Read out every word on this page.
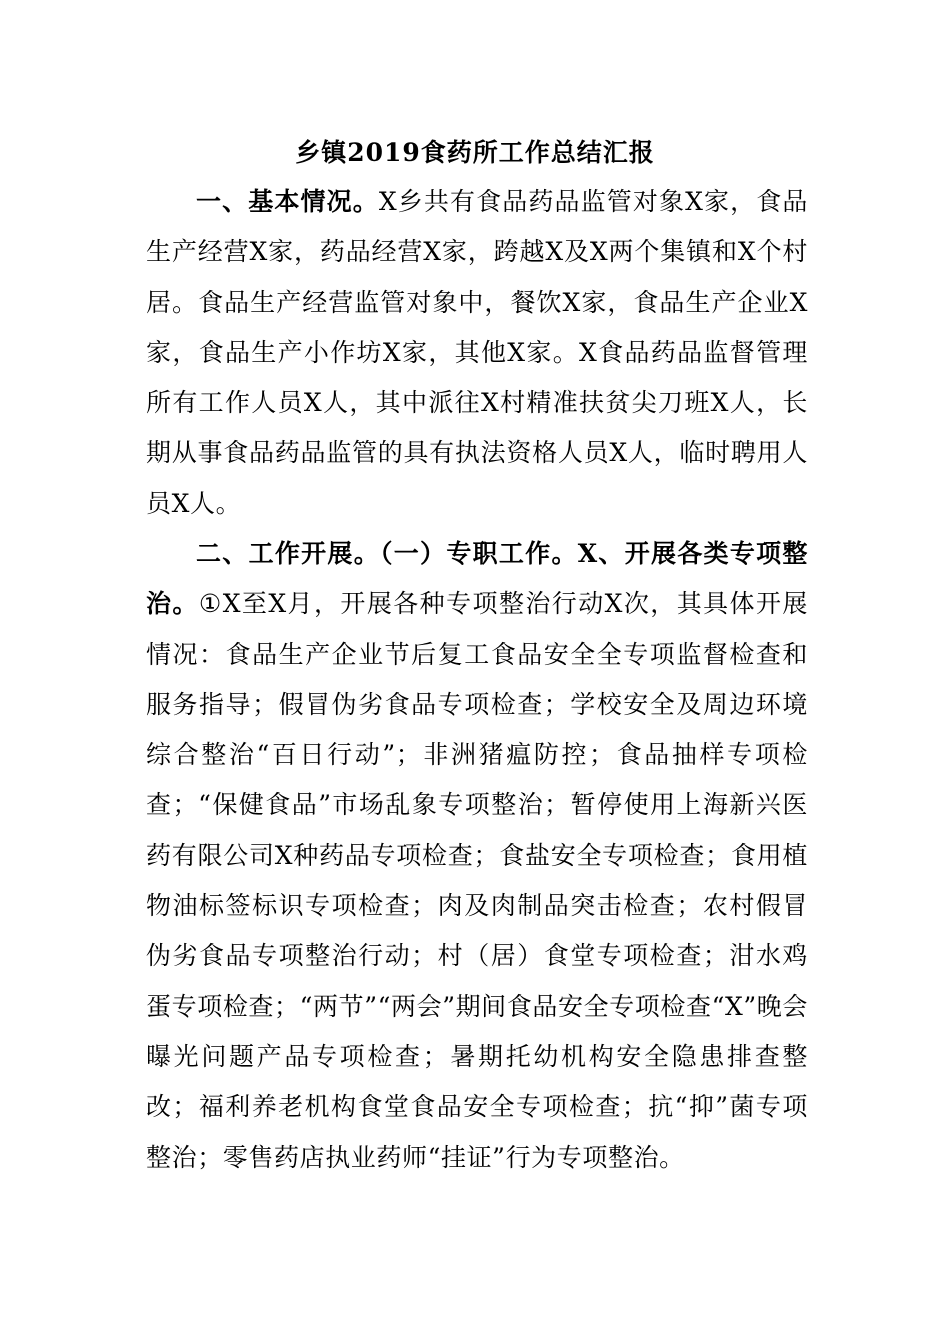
乡镇2019食药所工作总结汇报

一、基本情况。X乡共有食品药品监管对象X家，食品生产经营X家，药品经营X家，跨越X及X两个集镇和X个村居。食品生产经营监管对象中，餐饮X家，食品生产企业X家，食品生产小作坊X家，其他X家。X食品药品监督管理所有工作人员X人，其中派往X村精准扶贫尖刀班X人，长期从事食品药品监管的具有执法资格人员X人，临时聘用人员X人。

二、工作开展。（一）专职工作。X、开展各类专项整治。①X至X月，开展各种专项整治行动X次，其具体开展情况：食品生产企业节后复工食品安全全专项监督检查和服务指导；假冒伪劣食品专项检查；学校安全及周边环境综合整治“百日行动”；非洲猪瘟防控；食品抽样专项检查；“保健食品”市场乱象专项整治；暂停使用上海新兴医药有限公司X种药品专项检查；食盐安全专项检查；食用植物油标签标识专项检查；肉及肉制品突击检查；农村假冒伪劣食品专项整治行动；村（居）食堂专项检查；泔水鸡蛋专项检查；“两节”“两会”期间食品安全专项检查“X”晚会曝光问题产品专项检查；暑期托幼机构安全隐患排查整改；福利养老机构食堂食品安全专项检查；抗“抑”菌专项整治；零售药店执业药师“挂证”行为专项整治。
